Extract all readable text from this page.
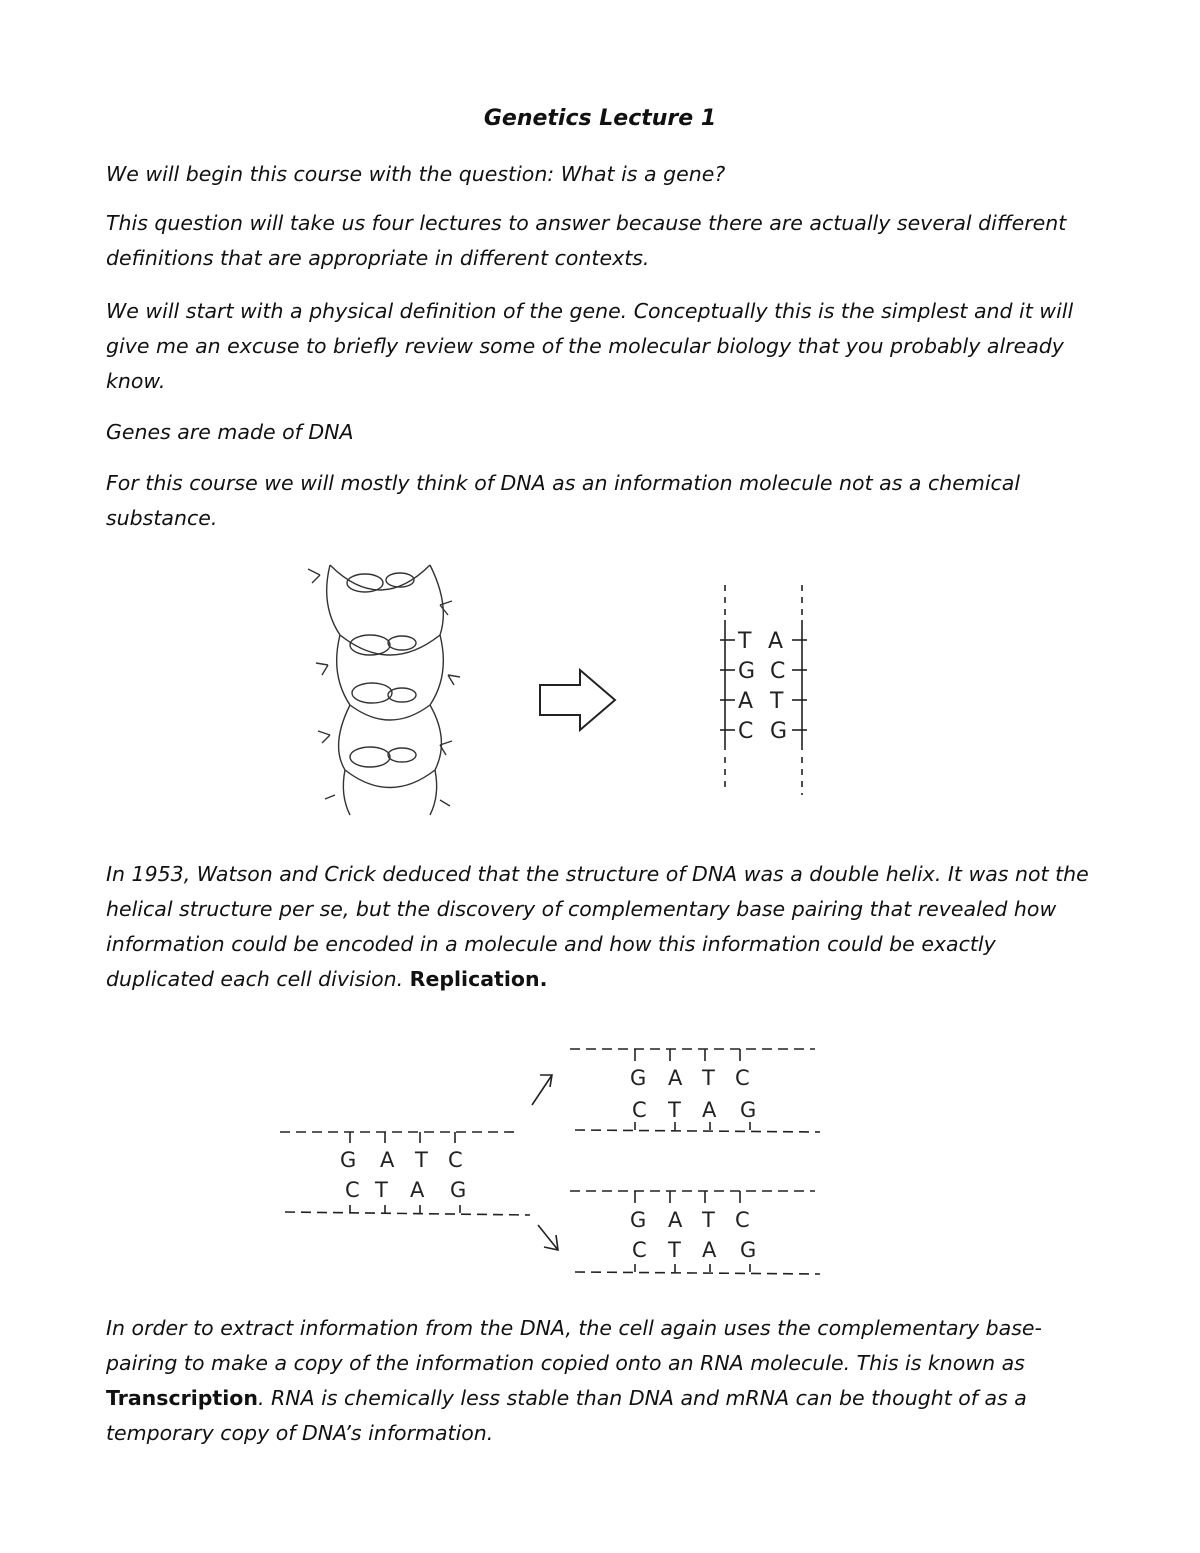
Genetics Lecture 1

We will begin this course with the question: What is a gene?

This question will take us four lectures to answer because there are actually several different definitions that are appropriate in different contexts.

We will start with a physical definition of the gene. Conceptually this is the simplest and it will give me an excuse to briefly review some of the molecular biology that you probably already know.

Genes are made of DNA

For this course we will mostly think of DNA as an information molecule not as a chemical substance.

T A
G C
A T
C G

In 1953, Watson and Crick deduced that the structure of DNA was a double helix. It was not the helical structure per se, but the discovery of complementary base pairing that revealed how information could be encoded in a molecule and how this information could be exactly duplicated each cell division. Replication.

G A T C
C T A G
G A T C
C T A G
G A T C
C T A G

In order to extract information from the DNA, the cell again uses the complementary base-pairing to make a copy of the information copied onto an RNA molecule. This is known as Transcription. RNA is chemically less stable than DNA and mRNA can be thought of as a temporary copy of DNA’s information.
